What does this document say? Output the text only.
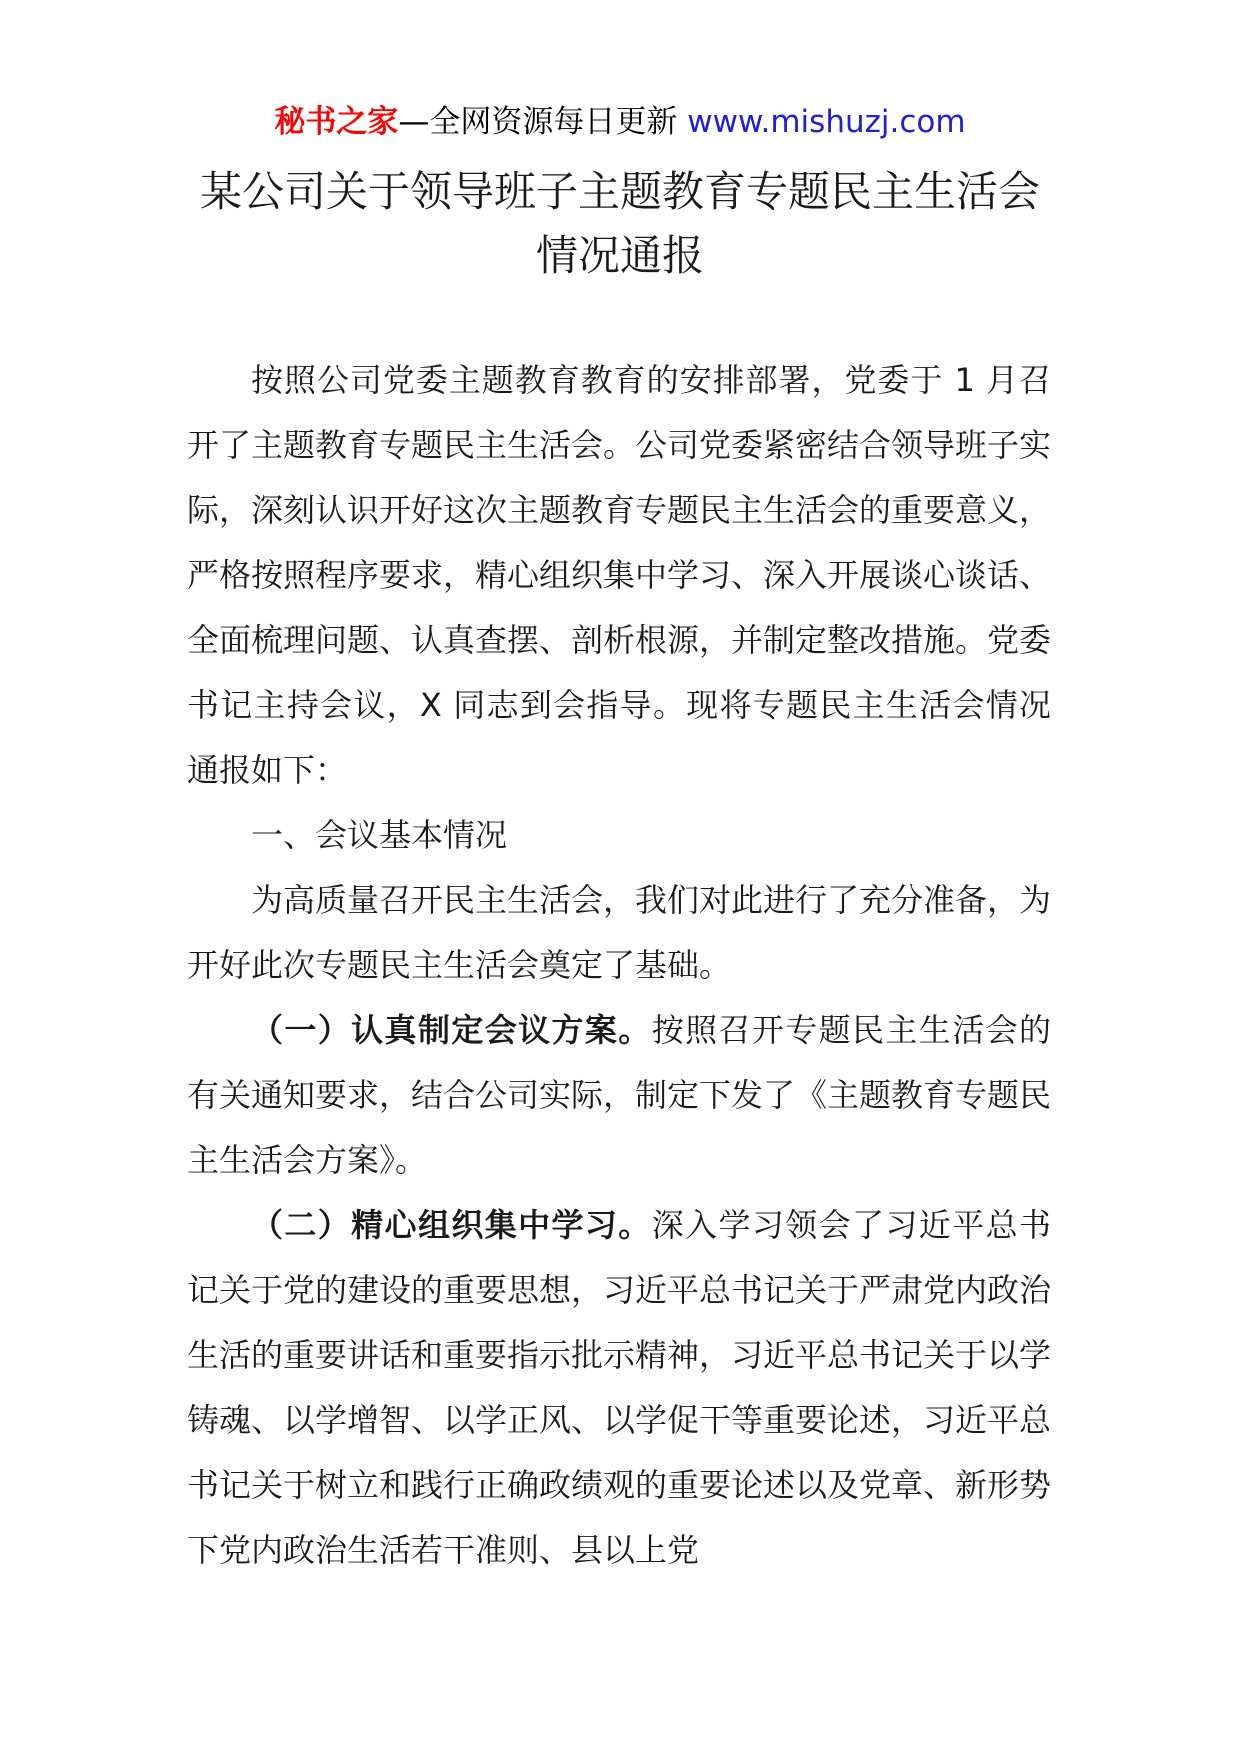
秘书之家—全网资源每日更新 www.mishuzj.com
某公司关于领导班子主题教育专题民主生活会
情况通报

按照公司党委主题教育教育的安排部署，党委于 1 月召开了主题教育专题民主生活会。公司党委紧密结合领导班子实际，深刻认识开好这次主题教育专题民主生活会的重要意义，严格按照程序要求，精心组织集中学习、深入开展谈心谈话、全面梳理问题、认真查摆、剖析根源，并制定整改措施。党委书记主持会议，X 同志到会指导。现将专题民主生活会情况通报如下：

一、会议基本情况

为高质量召开民主生活会，我们对此进行了充分准备，为开好此次专题民主生活会奠定了基础。

（一）认真制定会议方案。按照召开专题民主生活会的有关通知要求，结合公司实际，制定下发了《主题教育专题民主生活会方案》。

（二）精心组织集中学习。深入学习领会了习近平总书记关于党的建设的重要思想，习近平总书记关于严肃党内政治生活的重要讲话和重要指示批示精神，习近平总书记关于以学铸魂、以学增智、以学正风、以学促干等重要论述，习近平总书记关于树立和践行正确政绩观的重要论述以及党章、新形势下党内政治生活若干准则、县以上党
